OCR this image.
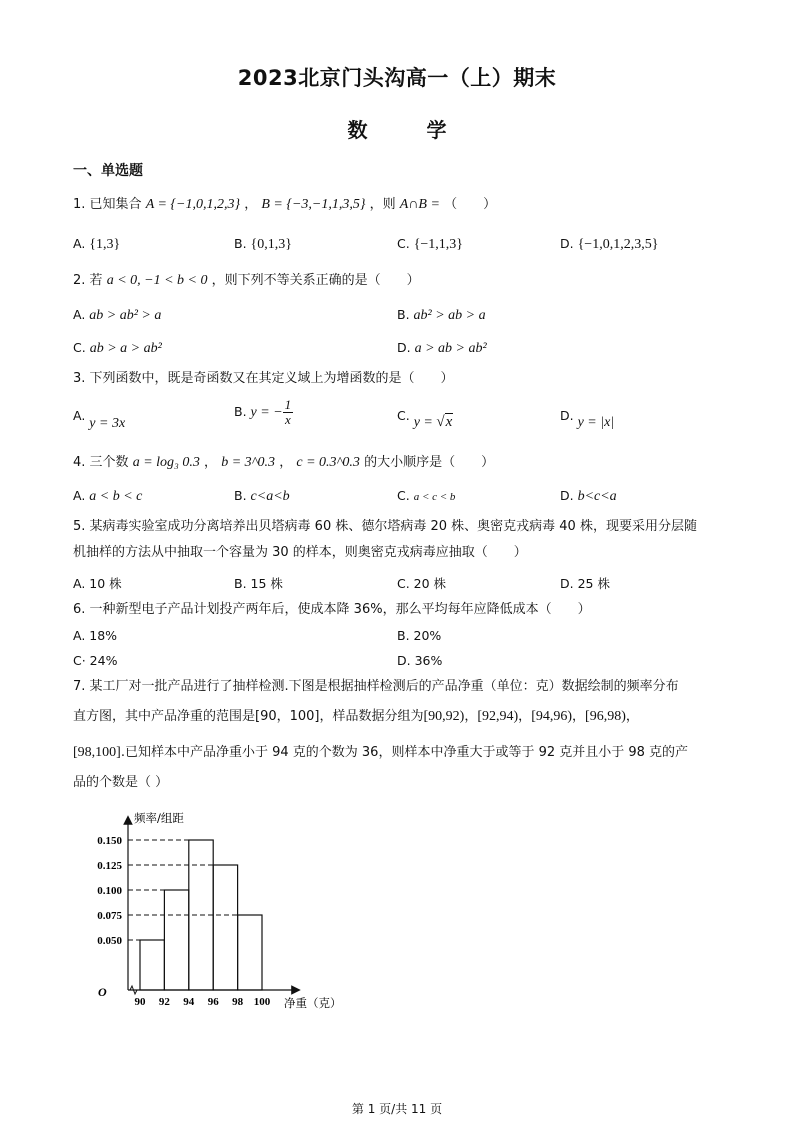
2023北京门头沟高一（上）期末
数 学
一、单选题
1. 已知集合 A = {−1,0,1,2,3} ， B = {−3,−1,1,3,5} ，则 A∩B = （　　）
A. {1,3}	B. {0,1,3}	C. {−1,1,3}	D. {−1,0,1,2,3,5}
2. 若 a < 0, −1 < b < 0 ，则下列不等关系正确的是（　　）
A. ab > ab² > a	B. ab² > ab > a
C. ab > a > ab²	D. a > ab > ab²
3. 下列函数中，既是奇函数又在其定义域上为增函数的是（　　）
A. y = 3x
B. y = − $\frac{1}{x}$	C. y = √x	D. y = |x|
4. 三个数 a = log₃ 0.3 ， b = 3^0.3 ， c = 0.3^0.3 的大小顺序是（　　）
A. a < b < c	B. c<a<b	C. a < c < b	D. b<c<a
5. 某病毒实验室成功分离培养出贝塔病毒 60 株、德尔塔病毒 20 株、奥密克戎病毒 40 株，现要采用分层随
机抽样的方法从中抽取一个容量为 30 的样本，则奥密克戎病毒应抽取（　　）
A. 10 株	B. 15 株	C. 20 株	D. 25 株
6. 一种新型电子产品计划投产两年后，使成本降 36%，那么平均每年应降低成本（　　）
A. 18%	B. 20%
C· 24%	D. 36%
7. 某工厂对一批产品进行了抽样检测.下图是根据抽样检测后的产品净重（单位：克）数据绘制的频率分布
直方图，其中产品净重的范围是[90，100]，样品数据分组为[90,92)，[92,94)，[94,96)，[96,98)，
[98,100].已知样本中产品净重小于 94 克的个数为 36，则样本中净重大于或等于 92 克并且小于 98 克的产
品的个数是（ ）
0.050
0.075
0.100
0.125
0.150
90 92 94 96 98 100
O
频率/组距
净重（克）
第 1 页/共 11 页
